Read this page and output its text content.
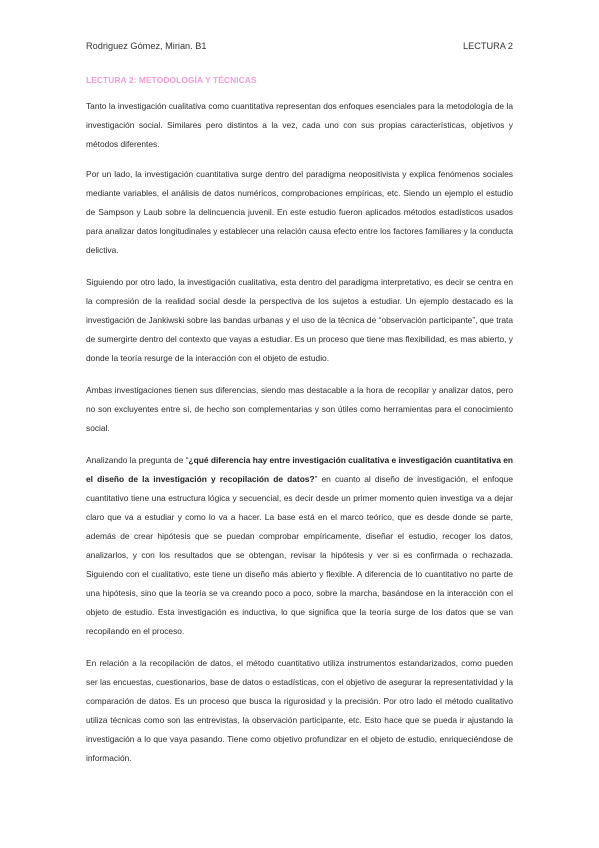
Rodriguez Gómez, Mirian. B1	LECTURA 2
LECTURA 2: METODOLOGÍA Y TÉCNICAS

Tanto la investigación cualitativa como cuantitativa representan dos enfoques esenciales para la metodología de la investigación social. Similares pero distintos a la vez, cada uno con sus propias características, objetivos y métodos diferentes.

Por un lado, la investigación cuantitativa surge dentro del paradigma neopositivista y explica fenómenos sociales mediante variables, el análisis de datos numéricos, comprobaciones empíricas, etc. Siendo un ejemplo el estudio de Sampson y Laub sobre la delincuencia juvenil. En este estudio fueron aplicados métodos estadísticos usados para analizar datos longitudinales y establecer una relación causa efecto entre los factores familiares y la conducta delictiva.

Siguiendo por otro lado, la investigación cualitativa, esta dentro del paradigma interpretativo, es decir se centra en la compresión de la realidad social desde la perspectiva de los sujetos a estudiar. Un ejemplo destacado es la investigación de Jankiwski sobre las bandas urbanas y el uso de la técnica de “observación participante”, que trata de sumergirte dentro del contexto que vayas a estudiar. Es un proceso que tiene mas flexibilidad, es mas abierto, y donde la teoría resurge de la interacción con el objeto de estudio.

Ambas investigaciones tienen sus diferencias, siendo mas destacable a la hora de recopilar y analizar datos, pero no son excluyentes entre sí, de hecho son complementarias y son útiles como herramientas para el conocimiento social.

Analizando la pregunta de “¿qué diferencia hay entre investigación cualitativa e investigación cuantitativa en el diseño de la investigación y recopilación de datos?” en cuanto al diseño de investigación, el enfoque cuantitativo tiene una estructura lógica y secuencial, es decir desde un primer momento quien investiga va a dejar claro que va a estudiar y como lo va a hacer. La base está en el marco teórico, que es desde donde se parte, además de crear hipótesis que se puedan comprobar empíricamente, diseñar el estudio, recoger los datos, analizarlos, y con los resultados que se obtengan, revisar la hipótesis y ver si es confirmada o rechazada. Siguiendo con el cualitativo, este tiene un diseño más abierto y flexible. A diferencia de lo cuantitativo no parte de una hipótesis, sino que la teoría se va creando poco a poco, sobre la marcha, basándose en la interacción con el objeto de estudio. Esta investigación es inductiva, lo que significa que la teoría surge de los datos que se van recopilando en el proceso.

En relación a la recopilación de datos, el método cuantitativo utiliza instrumentos estandarizados, como pueden ser las encuestas, cuestionarios, base de datos o estadísticas, con el objetivo de asegurar la representatividad y la comparación de datos. Es un proceso que busca la rigurosidad y la precisión. Por otro lado el método cualitativo utiliza técnicas como son las entrevistas, la observación participante, etc. Esto hace que se pueda ir ajustando la investigación a lo que vaya pasando. Tiene como objetivo profundizar en el objeto de estudio, enriqueciéndose de información.
